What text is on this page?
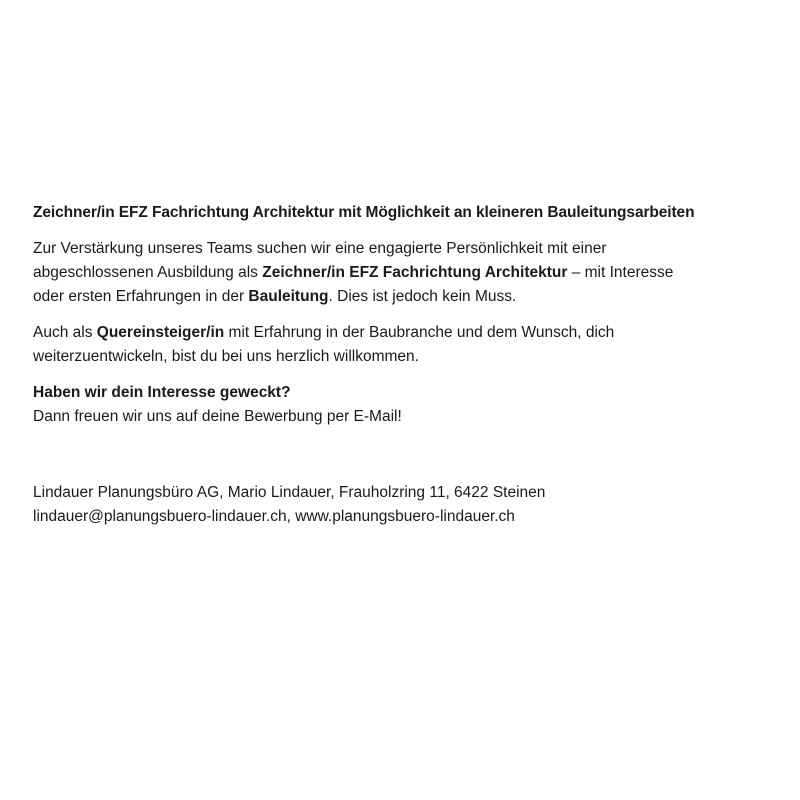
Zeichner/in EFZ Fachrichtung Architektur mit Möglichkeit an kleineren Bauleitungsarbeiten
Zur Verstärkung unseres Teams suchen wir eine engagierte Persönlichkeit mit einer
abgeschlossenen Ausbildung als Zeichner/in EFZ Fachrichtung Architektur – mit Interesse
oder ersten Erfahrungen in der Bauleitung. Dies ist jedoch kein Muss.
Auch als Quereinsteiger/in mit Erfahrung in der Baubranche und dem Wunsch, dich
weiterzuentwickeln, bist du bei uns herzlich willkommen.
Haben wir dein Interesse geweckt?
Dann freuen wir uns auf deine Bewerbung per E-Mail!
Lindauer Planungsbüro AG, Mario Lindauer, Frauholzring 11, 6422 Steinen
lindauer@planungsbuero-lindauer.ch, www.planungsbuero-lindauer.ch
